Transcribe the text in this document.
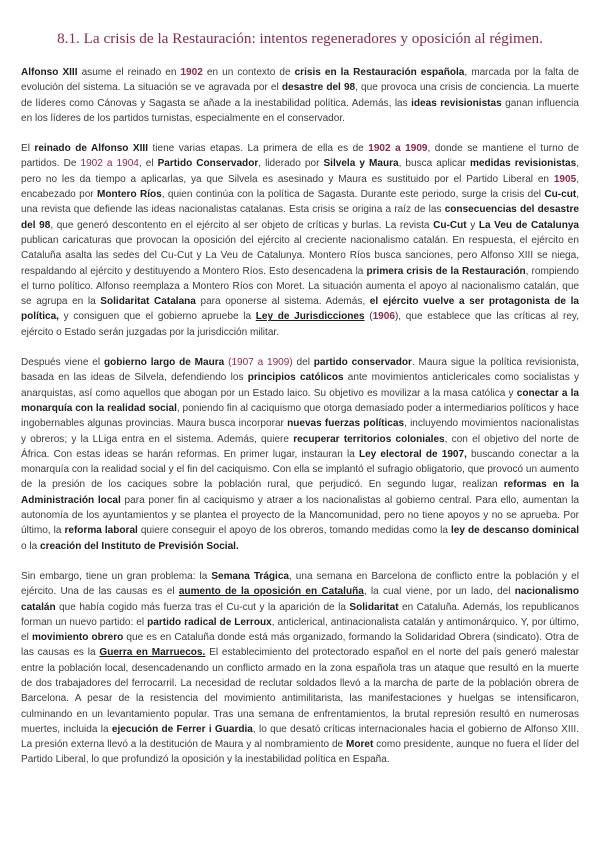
8.1. La crisis de la Restauración: intentos regeneradores y oposición al régimen.

Alfonso XIII asume el reinado en 1902 en un contexto de crisis en la Restauración española, marcada por la falta de evolución del sistema. La situación se ve agravada por el desastre del 98, que provoca una crisis de conciencia. La muerte de líderes como Cánovas y Sagasta se añade a la inestabilidad política. Además, las ideas revisionistas ganan influencia en los líderes de los partidos turnistas, especialmente en el conservador.

El reinado de Alfonso XIII tiene varias etapas. La primera de ella es de 1902 a 1909, donde se mantiene el turno de partidos. De 1902 a 1904, el Partido Conservador, liderado por Silvela y Maura, busca aplicar medidas revisionistas, pero no les da tiempo a aplicarlas, ya que Silvela es asesinado y Maura es sustituido por el Partido Liberal en 1905, encabezado por Montero Ríos, quien continúa con la política de Sagasta. Durante este periodo, surge la crisis del Cu-cut, una revista que defiende las ideas nacionalistas catalanas. Esta crisis se origina a raíz de las consecuencias del desastre del 98, que generó descontento en el ejército al ser objeto de críticas y burlas. La revista Cu-Cut y La Veu de Catalunya publican caricaturas que provocan la oposición del ejército al creciente nacionalismo catalán. En respuesta, el ejército en Cataluña asalta las sedes del Cu-Cut y La Veu de Catalunya. Montero Ríos busca sanciones, pero Alfonso XIII se niega, respaldando al ejército y destituyendo a Montero Ríos. Esto desencadena la primera crisis de la Restauración, rompiendo el turno político. Alfonso reemplaza a Montero Ríos con Moret. La situación aumenta el apoyo al nacionalismo catalán, que se agrupa en la Solidaritat Catalana para oponerse al sistema. Además, el ejército vuelve a ser protagonista de la política, y consiguen que el gobierno apruebe la Ley de Jurisdicciones (1906), que establece que las críticas al rey, ejército o Estado serán juzgadas por la jurisdicción militar.

Después viene el gobierno largo de Maura (1907 a 1909) del partido conservador. Maura sigue la política revisionista, basada en las ideas de Silvela, defendiendo los principios católicos ante movimientos anticlericales como socialistas y anarquistas, así como aquellos que abogan por un Estado laico. Su objetivo es movilizar a la masa católica y conectar a la monarquía con la realidad social, poniendo fin al caciquismo que otorga demasiado poder a intermediarios políticos y hace ingobernables algunas provincias. Maura busca incorporar nuevas fuerzas políticas, incluyendo movimientos nacionalistas y obreros; y la LLiga entra en el sistema. Además, quiere recuperar territorios coloniales, con el objetivo del norte de África. Con estas ideas se harán reformas. En primer lugar, instauran la Ley electoral de 1907, buscando conectar a la monarquía con la realidad social y el fin del caciquismo. Con ella se implantó el sufragio obligatorio, que provocó un aumento de la presión de los caciques sobre la población rural, que perjudicó. En segundo lugar, realizan reformas en la Administración local para poner fin al caciquismo y atraer a los nacionalistas al gobierno central. Para ello, aumentan la autonomía de los ayuntamientos y se plantea el proyecto de la Mancomunidad, pero no tiene apoyos y no se aprueba. Por último, la reforma laboral quiere conseguir el apoyo de los obreros, tomando medidas como la ley de descanso dominical o la creación del Instituto de Previsión Social.

Sin embargo, tiene un gran problema: la Semana Trágica, una semana en Barcelona de conflicto entre la población y el ejército. Una de las causas es el aumento de la oposición en Cataluña, la cual viene, por un lado, del nacionalismo catalán que había cogido más fuerza tras el Cu-cut y la aparición de la Solidaritat en Cataluña. Además, los republicanos forman un nuevo partido: el partido radical de Lerroux, anticlerical, antinacionalista catalán y antimonárquico. Y, por último, el movimiento obrero que es en Cataluña donde está más organizado, formando la Solidaridad Obrera (sindicato). Otra de las causas es la Guerra en Marruecos. El establecimiento del protectorado español en el norte del país generó malestar entre la población local, desencadenando un conflicto armado en la zona española tras un ataque que resultó en la muerte de dos trabajadores del ferrocarril. La necesidad de reclutar soldados llevó a la marcha de parte de la población obrera de Barcelona. A pesar de la resistencia del movimiento antimilitarista, las manifestaciones y huelgas se intensificaron, culminando en un levantamiento popular. Tras una semana de enfrentamientos, la brutal represión resultó en numerosas muertes, incluida la ejecución de Ferrer i Guardia, lo que desató críticas internacionales hacia el gobierno de Alfonso XIII. La presión externa llevó a la destitución de Maura y al nombramiento de Moret como presidente, aunque no fuera el líder del Partido Liberal, lo que profundizó la oposición y la inestabilidad política en España.
